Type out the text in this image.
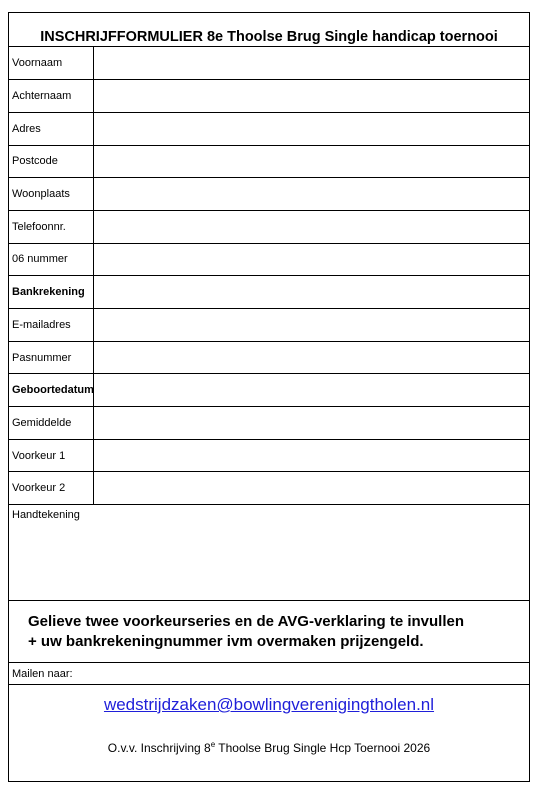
INSCHRIJFFORMULIER 8e Thoolse Brug Single handicap toernooi
Voornaam	
Achternaam	
Adres	
Postcode	
Woonplaats	
Telefoonnr.	
06 nummer	
Bankrekening	
E-mailadres	
Pasnummer	
Geboortedatum	
Gemiddelde	
Voorkeur 1	
Voorkeur 2	
Handtekening
Gelieve twee voorkeurseries en de AVG-verklaring te invullen
+ uw bankrekeningnummer ivm overmaken prijzengeld.
Mailen naar:
wedstrijdzaken@bowlingverenigingtholen.nl
O.v.v. Inschrijving 8e Thoolse Brug Single Hcp Toernooi 2026
